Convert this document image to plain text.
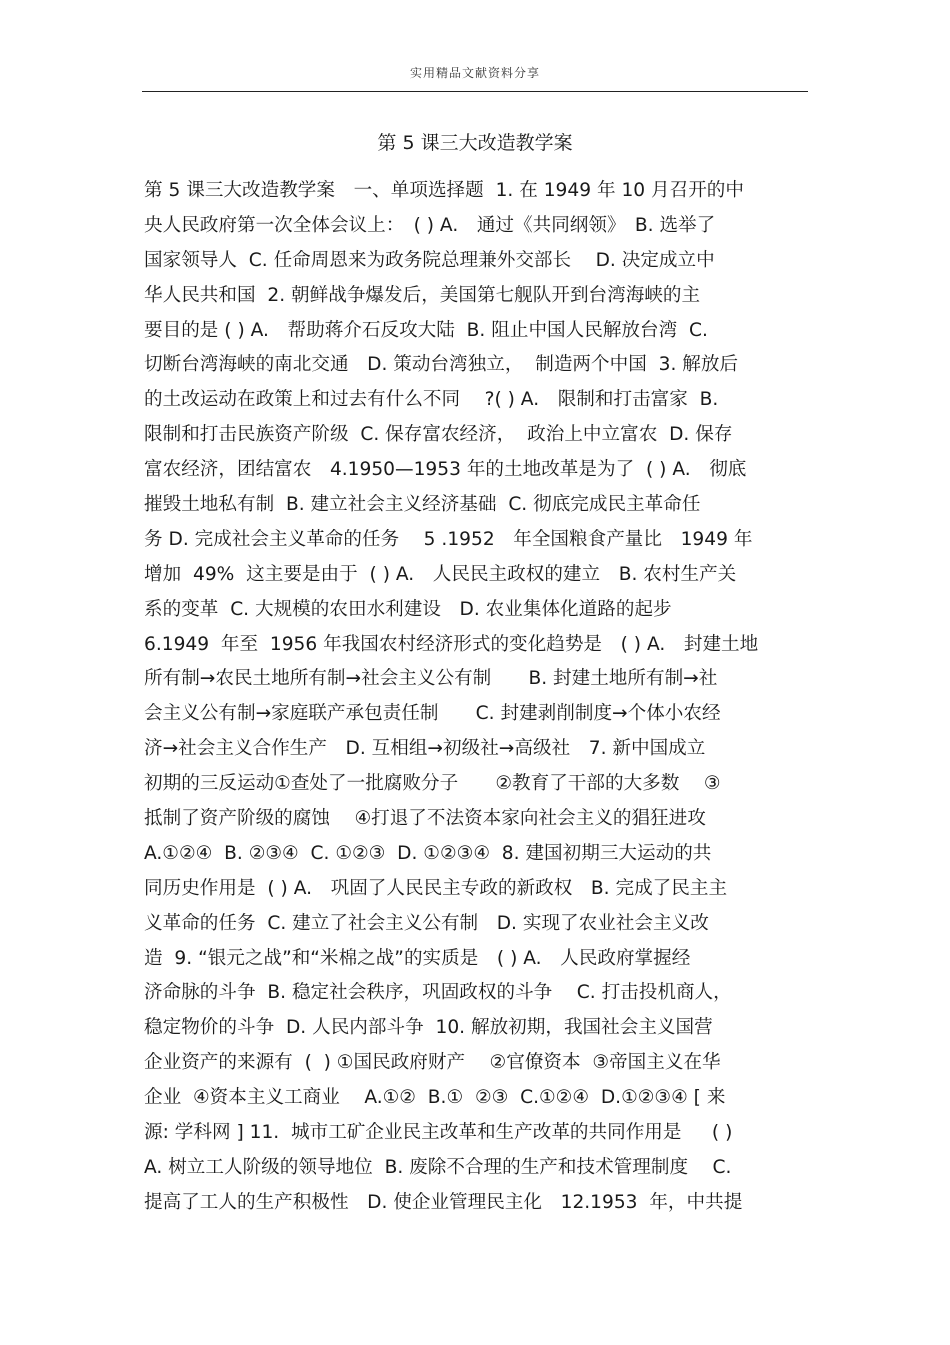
实用精品文献资料分享
第 5 课三大改造教学案
第 5 课三大改造教学案　一、单项选择题  1. 在 1949 年 10 月召开的中
央人民政府第一次全体会议上：　( ) A.　通过《共同纲领》　B. 选举了
国家领导人  C. 任命周恩来为政务院总理兼外交部长　 D. 决定成立中
华人民共和国  2. 朝鲜战争爆发后，美国第七舰队开到台湾海峡的主
要目的是 ( ) A.　帮助蒋介石反攻大陆  B. 阻止中国人民解放台湾  C.
切断台湾海峡的南北交通　D. 策动台湾独立，  制造两个中国  3. 解放后
的土改运动在政策上和过去有什么不同　 ?( ) A.　限制和打击富家  B.
限制和打击民族资产阶级  C. 保存富农经济，  政治上中立富农  D. 保存
富农经济，团结富农　4.1950—1953 年的土地改革是为了  ( ) A.　彻底
摧毁土地私有制  B. 建立社会主义经济基础  C. 彻底完成民主革命任
务 D. 完成社会主义革命的任务　 5 .1952　年全国粮食产量比　1949 年
增加  49%  这主要是由于  ( ) A.　人民民主政权的建立　B. 农村生产关
系的变革  C. 大规模的农田水利建设　D. 农业集体化道路的起步
6.1949  年至  1956 年我国农村经济形式的变化趋势是　( ) A.　封建土地
所有制→农民土地所有制→社会主义公有制　　B. 封建土地所有制→社
会主义公有制→家庭联产承包责任制　　C. 封建剥削制度→个体小农经
济→社会主义合作生产　D. 互相组→初级社→高级社　7. 新中国成立
初期的三反运动①查处了一批腐败分子　　②教育了干部的大多数　 ③
抵制了资产阶级的腐蚀　 ④打退了不法资本家向社会主义的猖狂进攻
A.①②④  B. ②③④  C. ①②③  D. ①②③④  8. 建国初期三大运动的共
同历史作用是  ( ) A.　巩固了人民民主专政的新政权　B. 完成了民主主
义革命的任务  C. 建立了社会主义公有制　D. 实现了农业社会主义改
造  9. “银元之战”和“米棉之战”的实质是　( ) A.　人民政府掌握经
济命脉的斗争  B. 稳定社会秩序，巩固政权的斗争　 C. 打击投机商人，
稳定物价的斗争  D. 人民内部斗争  10. 解放初期，我国社会主义国营
企业资产的来源有  (  ) ①国民政府财产　 ②官僚资本  ③帝国主义在华
企业  ④资本主义工商业　 A.①②  B.①  ②③  C.①②④  D.①②③④ [ 来
源: 学科网 ] 11.  城市工矿企业民主改革和生产改革的共同作用是　  ( )
A. 树立工人阶级的领导地位  B. 废除不合理的生产和技术管理制度　 C.
提高了工人的生产积极性　D. 使企业管理民主化　12.1953  年，中共提
